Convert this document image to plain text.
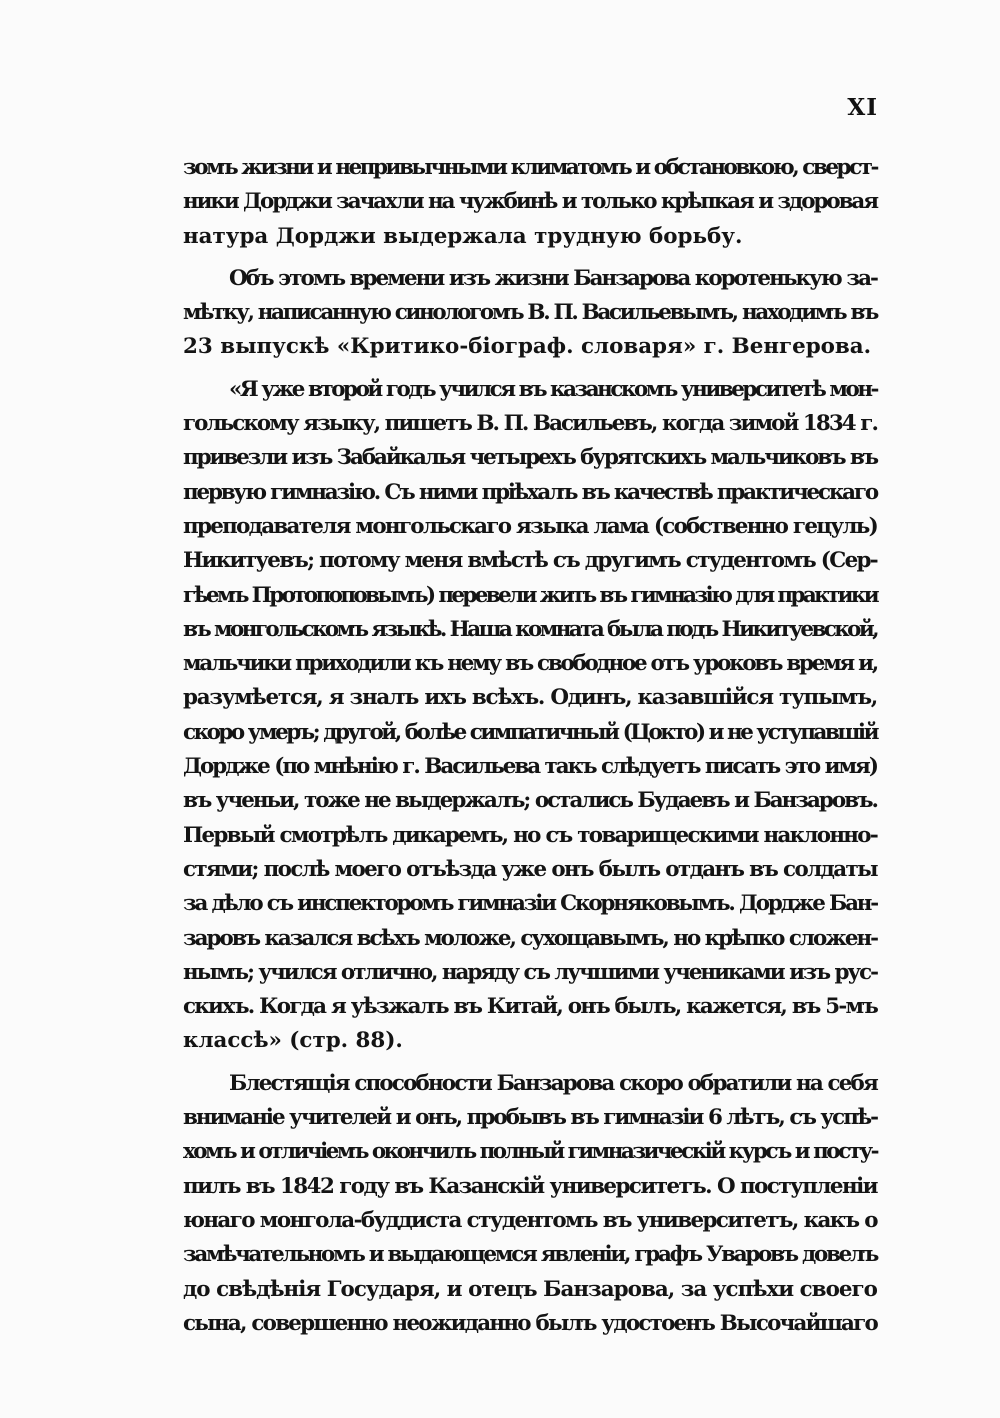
XI

зомъ жизни и непривычными климатомъ и обстановкою, сверст-
ники Дорджи зачахли на чужбинѣ и только крѣпкая и здоровая
натура Дорджи выдержала трудную борьбу.

Объ этомъ времени изъ жизни Банзарова коротенькую за-
мѣтку, написанную синологомъ В. П. Васильевымъ, находимъ въ
23 выпускѣ «Критико-біограф. словаря» г. Венгерова.

«Я уже второй годъ учился въ казанскомъ университетѣ мон-
гольскому языку, пишетъ В. П. Васильевъ, когда зимой 1834 г.
привезли изъ Забайкалья четырехъ бурятскихъ мальчиковъ въ
первую гимназію. Съ ними пріѣхалъ въ качествѣ практическаго
преподавателя монгольскаго языка лама (собственно гецуль)
Никитуевъ; потому меня вмѣстѣ съ другимъ студентомъ (Сер-
гѣемъ Протопоповымъ) перевели жить въ гимназію для практики
въ монгольскомъ языкѣ. Наша комната была подъ Никитуевской,
мальчики приходили къ нему въ свободное отъ уроковъ время и,
разумѣется, я зналъ ихъ всѣхъ. Одинъ, казавшійся тупымъ,
скоро умеръ; другой, болѣе симпатичный (Цокто) и не уступавшій
Дордже (по мнѣнію г. Васильева такъ слѣдуетъ писать это имя)
въ ученьи, тоже не выдержалъ; остались Будаевъ и Банзаровъ.
Первый смотрѣлъ дикаремъ, но съ товарищескими наклонно-
стями; послѣ моего отъѣзда уже онъ былъ отданъ въ солдаты
за дѣло съ инспекторомъ гимназіи Скорняковымъ. Дордже Бан-
заровъ казался всѣхъ моложе, сухощавымъ, но крѣпко сложен-
нымъ; учился отлично, наряду съ лучшими учениками изъ рус-
скихъ. Когда я уѣзжалъ въ Китай, онъ былъ, кажется, въ 5-мъ
классѣ» (стр. 88).

Блестящія способности Банзарова скоро обратили на себя
вниманіе учителей и онъ, пробывъ въ гимназіи 6 лѣтъ, съ успѣ-
хомъ и отличіемъ окончилъ полный гимназическій курсъ и посту-
пилъ въ 1842 году въ Казанскій университетъ. О поступленіи
юнаго монгола-буддиста студентомъ въ университетъ, какъ о
замѣчательномъ и выдающемся явленіи, графъ Уваровъ довелъ
до свѣдѣнія Государя, и отецъ Банзарова, за успѣхи своего
сына, совершенно неожиданно былъ удостоенъ Высочайшаго
